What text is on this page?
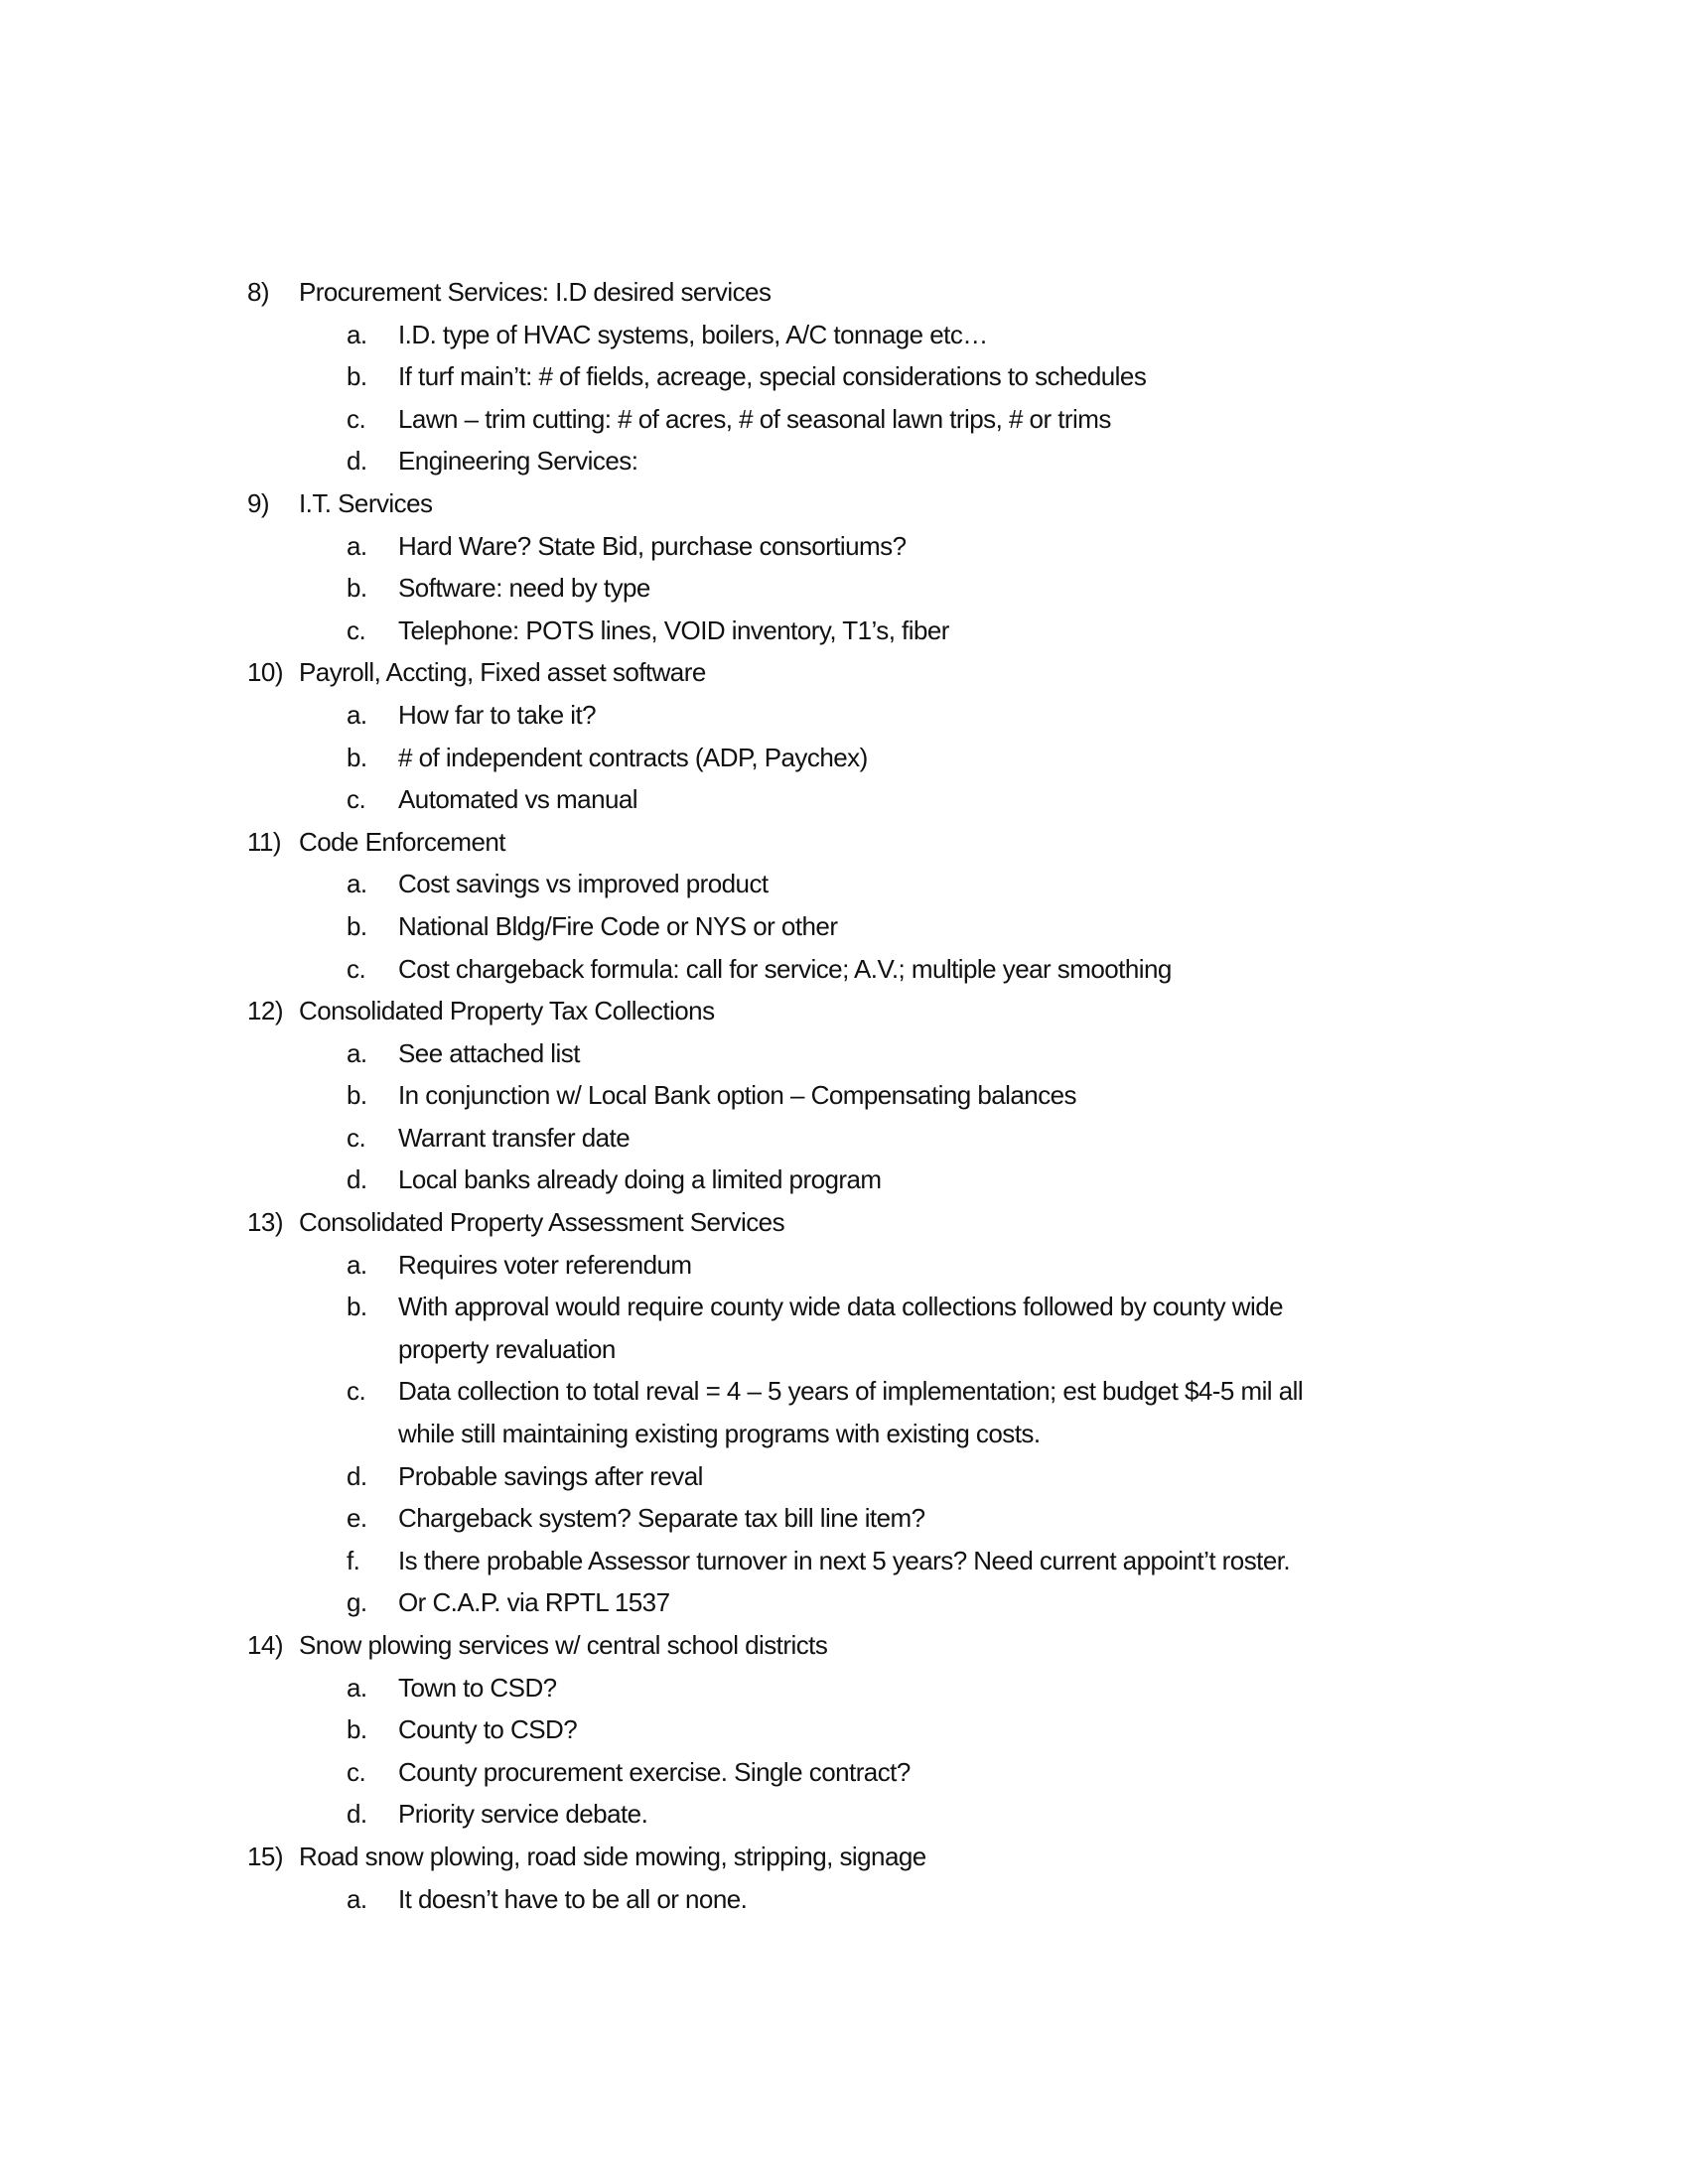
8) Procurement Services: I.D desired services
a. I.D. type of HVAC systems, boilers, A/C tonnage etc…
b. If turf main’t: # of fields, acreage, special considerations to schedules
c. Lawn – trim cutting: # of acres, # of seasonal lawn trips, # or trims
d. Engineering Services:
9) I.T. Services
a. Hard Ware? State Bid, purchase consortiums?
b. Software: need by type
c. Telephone: POTS lines, VOID inventory, T1’s, fiber
10) Payroll, Accting, Fixed asset software
a. How far to take it?
b. # of independent contracts (ADP, Paychex)
c. Automated vs manual
11) Code Enforcement
a. Cost savings vs improved product
b. National Bldg/Fire Code or NYS or other
c. Cost chargeback formula: call for service; A.V.; multiple year smoothing
12) Consolidated Property Tax Collections
a. See attached list
b. In conjunction w/ Local Bank option – Compensating balances
c. Warrant transfer date
d. Local banks already doing a limited program
13) Consolidated Property Assessment Services
a. Requires voter referendum
b. With approval would require county wide data collections followed by county wide
property revaluation
c. Data collection to total reval = 4 – 5 years of implementation; est budget $4-5 mil all
while still maintaining existing programs with existing costs.
d. Probable savings after reval
e. Chargeback system? Separate tax bill line item?
f. Is there probable Assessor turnover in next 5 years? Need current appoint’t roster.
g. Or C.A.P. via RPTL 1537
14) Snow plowing services w/ central school districts
a. Town to CSD?
b. County to CSD?
c. County procurement exercise. Single contract?
d. Priority service debate.
15) Road snow plowing, road side mowing, stripping, signage
a. It doesn’t have to be all or none.
